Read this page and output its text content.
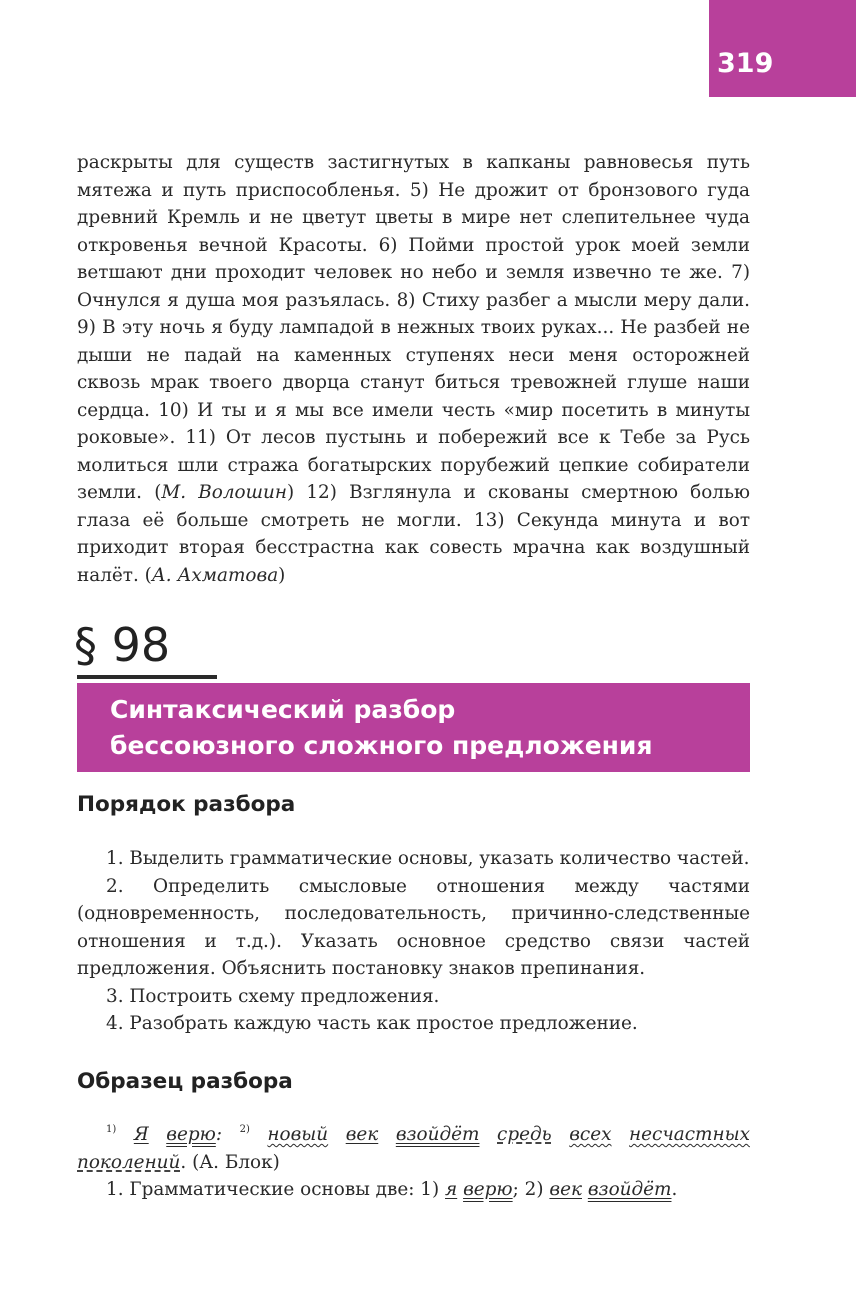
319

раскрыты для существ застигнутых в капканы равновесья путь мятежа и путь приспособленья. 5) Не дрожит от бронзового гуда древний Кремль и не цветут цветы в мире нет слепительнее чуда откровенья вечной Красоты. 6) Пойми простой урок моей земли ветшают дни проходит человек но небо и земля извечно те же. 7) Очнулся я душа моя разъялась. 8) Стиху разбег а мысли меру дали. 9) В эту ночь я буду лампадой в нежных твоих руках... Не разбей не дыши не падай на каменных ступенях неси меня осторожней сквозь мрак твоего дворца станут биться тревожней глуше наши сердца. 10) И ты и я мы все имели честь «мир посетить в минуты роковые». 11) От лесов пустынь и побережий все к Тебе за Русь молиться шли стража богатырских порубежий цепкие собиратели земли. (М. Волошин) 12) Взглянула и скованы смертною болью глаза её больше смотреть не могли. 13) Секунда минута и вот приходит вторая бесстрастна как совесть мрачна как воздушный налёт. (А. Ахматова)

§ 98
Синтаксический разбор
бессоюзного сложного предложения
Порядок разбора

1. Выделить грамматические основы, указать количество частей.

2. Определить смысловые отношения между частями (одновременность, последовательность, причинно-следственные отношения и т.д.). Указать основное средство связи частей предложения. Объяснить постановку знаков препинания.

3. Построить схему предложения.

4. Разобрать каждую часть как простое предложение.

Образец разбора

$^{1)}$ Я верю: $^{2)}$ новый век взойдёт средь всех несчастных поколений. (А. Блок)

1. Грамматические основы две: 1) я верю; 2) век взойдёт.
